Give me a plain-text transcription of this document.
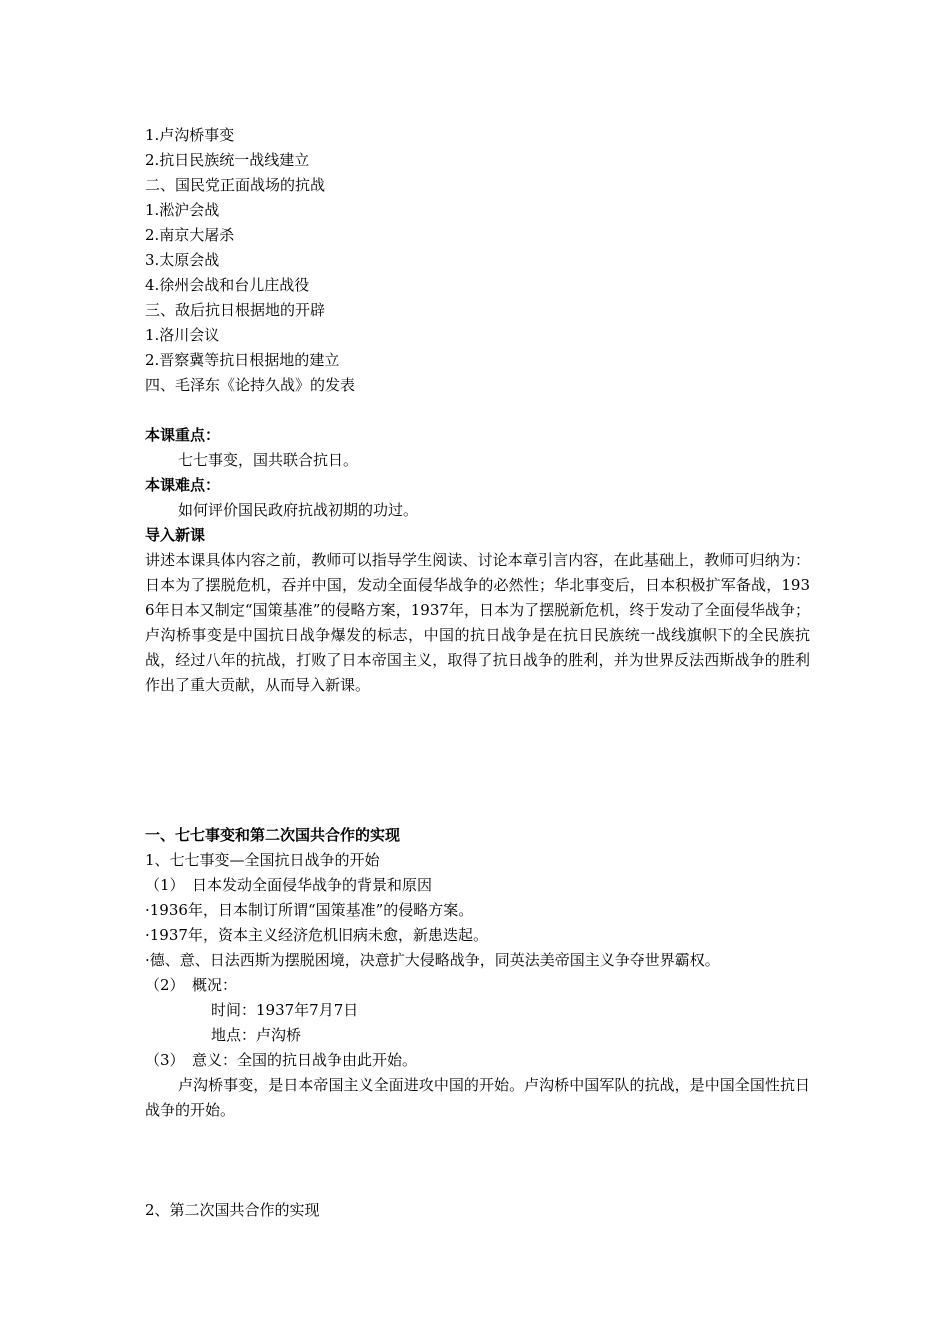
1.卢沟桥事变
2.抗日民族统一战线建立
二、国民党正面战场的抗战
1.淞沪会战
2.南京大屠杀
3.太原会战
4.徐州会战和台儿庄战役
三、敌后抗日根据地的开辟
1.洛川会议
2.晋察冀等抗日根据地的建立
四、毛泽东《论持久战》的发表
本课重点：
七七事变，国共联合抗日。
本课难点：
如何评价国民政府抗战初期的功过。
导入新课
讲述本课具体内容之前，教师可以指导学生阅读、讨论本章引言内容，在此基础上，教师可归纳为：日本为了摆脱危机，吞并中国，发动全面侵华战争的必然性；华北事变后，日本积极扩军备战，1936年日本又制定“国策基准”的侵略方案，1937年，日本为了摆脱新危机，终于发动了全面侵华战争；卢沟桥事变是中国抗日战争爆发的标志，中国的抗日战争是在抗日民族统一战线旗帜下的全民族抗战，经过八年的抗战，打败了日本帝国主义，取得了抗日战争的胜利，并为世界反法西斯战争的胜利作出了重大贡献，从而导入新课。
一、七七事变和第二次国共合作的实现
1、七七事变—全国抗日战争的开始
（1）　日本发动全面侵华战争的背景和原因
·1936年，日本制订所谓“国策基准”的侵略方案。
·1937年，资本主义经济危机旧病未愈，新患迭起。
·德、意、日法西斯为摆脱困境，决意扩大侵略战争，同英法美帝国主义争夺世界霸权。
（2）　概况：
时间：1937年7月7日
地点：卢沟桥
（3）　意义：全国的抗日战争由此开始。
卢沟桥事变，是日本帝国主义全面进攻中国的开始。卢沟桥中国军队的抗战，是中国全国性抗日战争的开始。
2、第二次国共合作的实现
